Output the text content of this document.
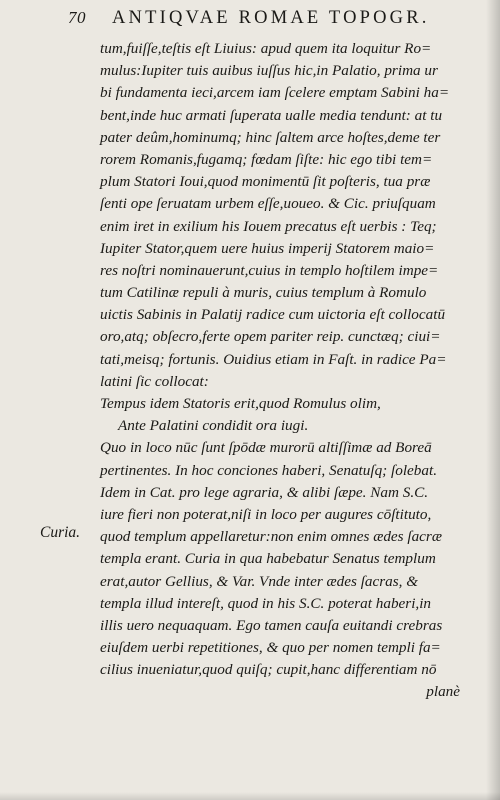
70 ANTIQVAE ROMAE TOPOGR.
Curia.
tum,fuiſſe,teſtis eſt Liuius: apud quem ita loquitur Ro=
mulus:Iupiter tuis auibus iuſſus hic,in Palatio, prima ur
bi fundamenta ieci,arcem iam ſcelere emptam Sabini ha=
bent,inde huc armati ſuperata ualle media tendunt: at tu
pater deûm,hominumq; hinc ſaltem arce hoſtes,deme ter
rorem Romanis,fugamq; fœdam ſiſte: hic ego tibi tem=
plum Statori Ioui,quod monimentū ſit poſteris, tua præ
ſenti ope ſeruatam urbem eſſe,uoueo. & Cic. priuſquam
enim iret in exilium his Iouem precatus eſt uerbis : Teq;
Iupiter Stator,quem uere huius imperij Statorem maio=
res noſtri nominauerunt,cuius in templo hoſtilem impe=
tum Catilinæ repuli à muris, cuius templum à Romulo
uictis Sabinis in Palatij radice cum uictoria eſt collocatū
oro,atq; obſecro,ferte opem pariter reip. cunctæq; ciui=
tati,meisq; fortunis. Ouidius etiam in Faſt. in radice Pa=
latini ſic collocat:
Tempus idem Statoris erit,quod Romulus olim,
Ante Palatini condidit ora iugi.
Quo in loco nūc ſunt ſpōdæ murorū altiſſimæ ad Boreā
pertinentes. In hoc conciones haberi, Senatuſq; ſolebat.
Idem in Cat. pro lege agraria, & alibi ſæpe. Nam S.C.
iure fieri non poterat,niſi in loco per augures cōſtituto,
quod templum appellaretur:non enim omnes ædes ſacræ
templa erant. Curia in qua habebatur Senatus templum
erat,autor Gellius, & Var. Vnde inter ædes ſacras, &
templa illud intereſt, quod in his S.C. poterat haberi,in
illis uero nequaquam. Ego tamen cauſa euitandi crebras
eiuſdem uerbi repetitiones, & quo per nomen templi fa=
cilius inueniatur,quod quiſq; cupit,hanc differentiam nō
planè
